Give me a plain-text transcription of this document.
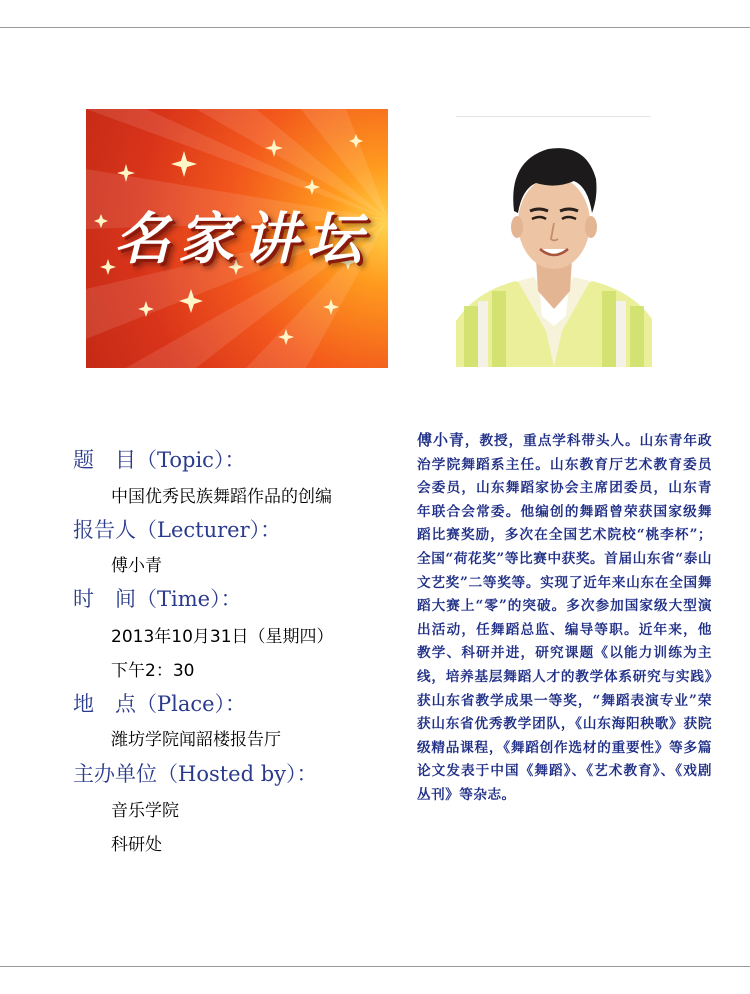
名家讲坛
题　目（Topic）：
中国优秀民族舞蹈作品的创编
报告人（Lecturer）：
傅小青
时　间（Time）：
2013年10月31日（星期四）
下午2：30
地　点（Place）：
潍坊学院闻韶楼报告厅
主办单位（Hosted by）：
音乐学院
科研处
傅小青，教授，重点学科带头人。山东青年政治学院舞蹈系主任。山东教育厅艺术教育委员会委员，山东舞蹈家协会主席团委员，山东青年联合会常委。他编创的舞蹈曾荣获国家级舞蹈比赛奖励，多次在全国艺术院校“桃李杯”； 全国“荷花奖”等比赛中获奖。首届山东省“泰山文艺奖”二等奖等。实现了近年来山东在全国舞蹈大赛上“零”的突破。多次参加国家级大型演出活动，任舞蹈总监、编导等职。近年来，他教学、科研并进，研究课题《以能力训练为主线，培养基层舞蹈人才的教学体系研究与实践》获山东省教学成果一等奖，“舞蹈表演专业”荣获山东省优秀教学团队，《山东海阳秧歌》获院级精品课程，《舞蹈创作选材的重要性》等多篇论文发表于中国《舞蹈》、《艺术教育》、《戏剧丛刊》等杂志。
